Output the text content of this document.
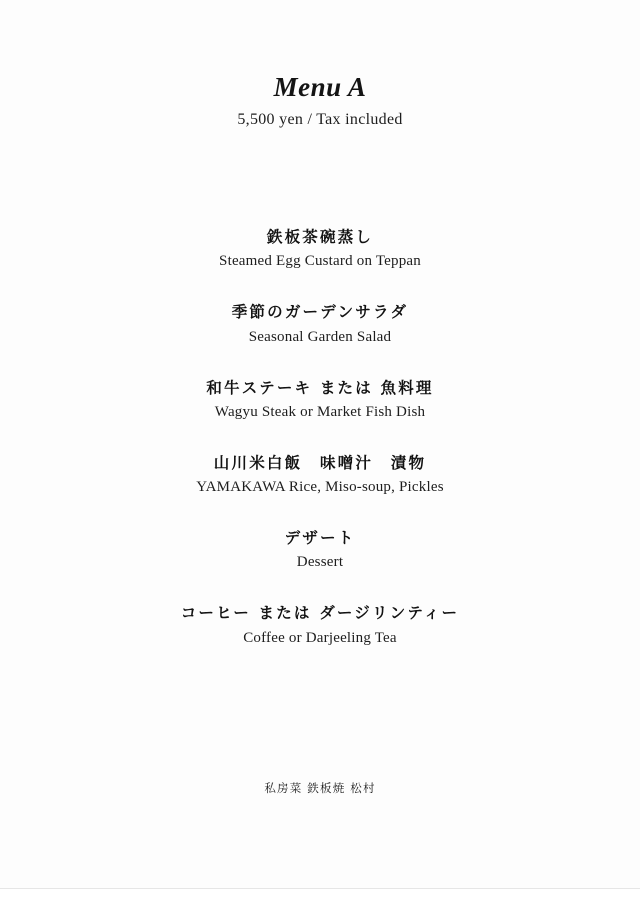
Menu A

5,500 yen / Tax included

鉄板茶碗蒸し

Steamed Egg Custard on Teppan

季節のガーデンサラダ

Seasonal Garden Salad

和牛ステーキ または 魚料理

Wagyu Steak or Market Fish Dish

山川米白飯　味噌汁　漬物

YAMAKAWA Rice, Miso-soup, Pickles

デザート

Dessert

コーヒー または ダージリンティー

Coffee or Darjeeling Tea

私房菜 鉄板焼 松村
